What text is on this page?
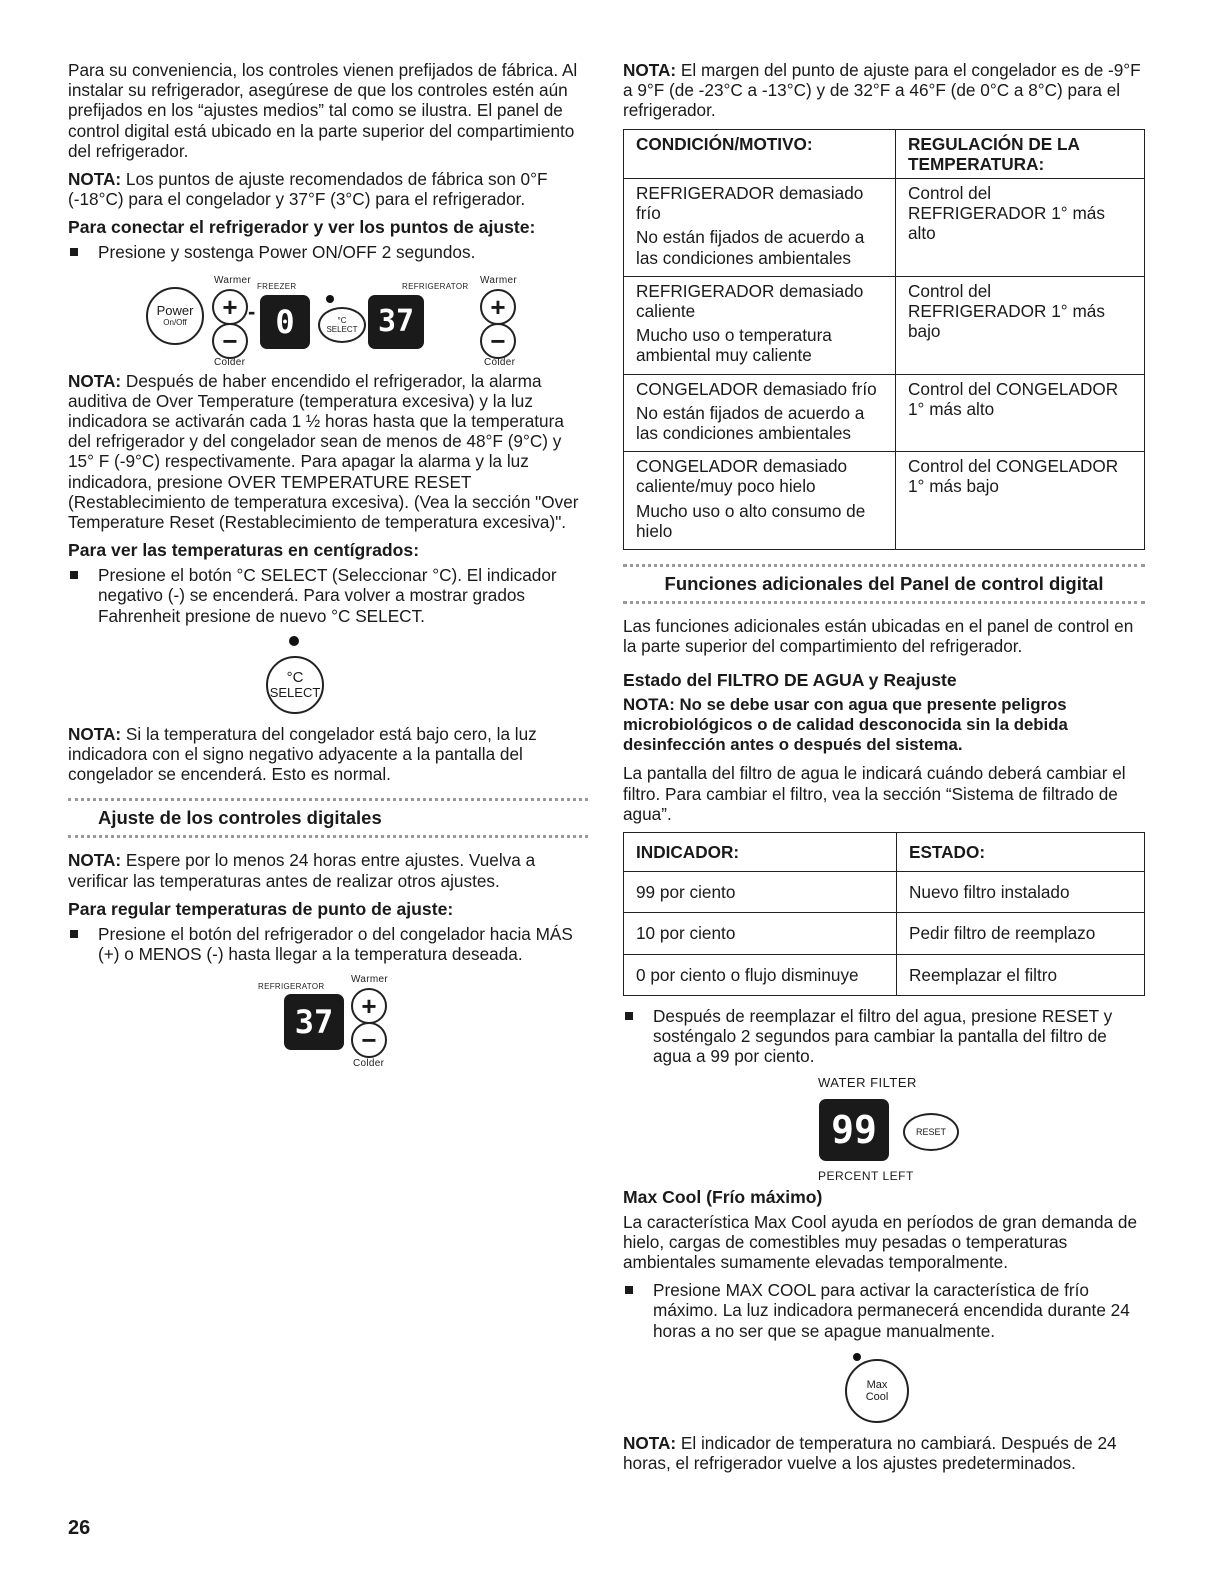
Para su conveniencia, los controles vienen prefijados de fábrica. Al instalar su refrigerador, asegúrese de que los controles estén aún prefijados en los “ajustes medios” tal como se ilustra. El panel de control digital está ubicado en la parte superior del compartimiento del refrigerador.

NOTA: Los puntos de ajuste recomendados de fábrica son 0°F (-18°C) para el congelador y 37°F (3°C) para el refrigerador.

Para conectar el refrigerador y ver los puntos de ajuste:
Presione y sostenga Power ON/OFF 2 segundos.
Power
On/Off
Warmer
FREEZER
+
−
- 0
Colder
°C
SELECT
REFRIGERATOR
37
Warmer
+
−
Colder

NOTA: Después de haber encendido el refrigerador, la alarma auditiva de Over Temperature (temperatura excesiva) y la luz indicadora se activarán cada 1 ½ horas hasta que la temperatura del refrigerador y del congelador sean de menos de 48°F (9°C) y 15° F (-9°C) respectivamente. Para apagar la alarma y la luz indicadora, presione OVER TEMPERATURE RESET (Restablecimiento de temperatura excesiva). (Vea la sección "Over Temperature Reset (Restablecimiento de temperatura excesiva)".

Para ver las temperaturas en centígrados:
Presione el botón °C SELECT (Seleccionar °C). El indicador negativo (-) se encenderá. Para volver a mostrar grados Fahrenheit presione de nuevo °C SELECT.
°C
SELECT

NOTA: Si la temperatura del congelador está bajo cero, la luz indicadora con el signo negativo adyacente a la pantalla del congelador se encenderá. Esto es normal.

Ajuste de los controles digitales

NOTA: Espere por lo menos 24 horas entre ajustes. Vuelva a verificar las temperaturas antes de realizar otros ajustes.

Para regular temperaturas de punto de ajuste:
Presione el botón del refrigerador o del congelador hacia MÁS (+) o MENOS (-) hasta llegar a la temperatura deseada.
REFRIGERATOR
Warmer
37 +
−
Colder

NOTA: El margen del punto de ajuste para el congelador es de -9°F a 9°F (de -23°C a -13°C) y de 32°F a 46°F (de 0°C a 8°C) para el refrigerador.

CONDICIÓN/MOTIVO:	REGULACIÓN DE LA TEMPERATURA:

REFRIGERADOR demasiado frío

No están fijados de acuerdo a las condiciones ambientales	Control del REFRIGERADOR 1° más alto

REFRIGERADOR demasiado caliente

Mucho uso o temperatura ambiental muy caliente	Control del REFRIGERADOR 1° más bajo

CONGELADOR demasiado frío

No están fijados de acuerdo a las condiciones ambientales	Control del CONGELADOR 1° más alto

CONGELADOR demasiado caliente/muy poco hielo

Mucho uso o alto consumo de hielo	Control del CONGELADOR 1° más bajo
Funciones adicionales del Panel de control digital

Las funciones adicionales están ubicadas en el panel de control en la parte superior del compartimiento del refrigerador.

Estado del FILTRO DE AGUA y Reajuste

NOTA: No se debe usar con agua que presente peligros microbiológicos o de calidad desconocida sin la debida desinfección antes o después del sistema.

La pantalla del filtro de agua le indicará cuándo deberá cambiar el filtro. Para cambiar el filtro, vea la sección “Sistema de filtrado de agua”.

INDICADOR:	ESTADO:
99 por ciento	Nuevo filtro instalado
10 por ciento	Pedir filtro de reemplazo
0 por ciento o flujo disminuye	Reemplazar el filtro
Después de reemplazar el filtro del agua, presione RESET y sosténgalo 2 segundos para cambiar la pantalla del filtro de agua a 99 por ciento.
WATER FILTER
99	RESET
PERCENT LEFT
Max Cool (Frío máximo)

La característica Max Cool ayuda en períodos de gran demanda de hielo, cargas de comestibles muy pesadas o temperaturas ambientales sumamente elevadas temporalmente.

Presione MAX COOL para activar la característica de frío máximo. La luz indicadora permanecerá encendida durante 24 horas a no ser que se apague manualmente.
Max
Cool

NOTA: El indicador de temperatura no cambiará. Después de 24 horas, el refrigerador vuelve a los ajustes predeterminados.

26
